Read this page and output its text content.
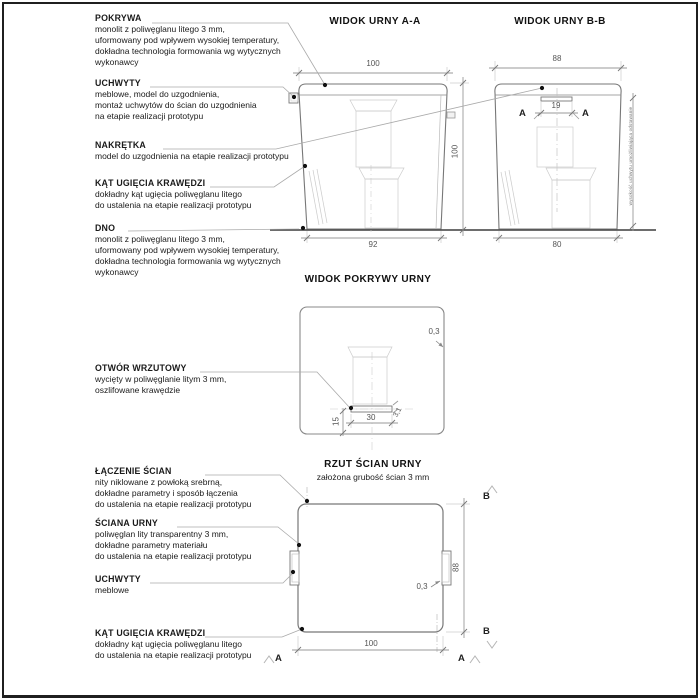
WIDOK URNY A-A	WIDOK URNY B-B
WIDOK POKRYWY URNY
RZUT ŚCIAN URNY
założona grubość ścian 3 mm
100
100
92
88
19
80
A	A	wysokość uchwytu umożliwiająca odstawanie
0,3
15	30	3,1
88
0,3
100
B
B
A	A
POKRYWA
monolit z poliwęglanu litego 3 mm,
uformowany pod wpływem wysokiej temperatury,
dokładna technologia formowania wg wytycznych
wykonawcy
UCHWYTY
meblowe, model do uzgodnienia,
montaż uchwytów do ścian do uzgodnienia
na etapie realizacji prototypu
NAKRĘTKA
model do uzgodnienia na etapie realizacji prototypu
KĄT UGIĘCIA KRAWĘDZI
dokładny kąt ugięcia poliwęglanu litego
do ustalenia na etapie realizacji prototypu
DNO
monolit z poliwęglanu litego 3 mm,
uformowany pod wpływem wysokiej temperatury,
dokładna technologia formowania wg wytycznych
wykonawcy
OTWÓR WRZUTOWY
wycięty w poliwęglanie litym 3 mm,
oszlifowane krawędzie
ŁĄCZENIE ŚCIAN
nity niklowane z powłoką srebrną,
dokładne parametry i sposób łączenia
do ustalenia na etapie realizacji prototypu
ŚCIANA URNY
poliwęglan lity transparentny 3 mm,
dokładne parametry materiału
do ustalenia na etapie realizacji prototypu
UCHWYTY
meblowe
KĄT UGIĘCIA KRAWĘDZI
dokładny kąt ugięcia poliwęglanu litego
do ustalenia na etapie realizacji prototypu
